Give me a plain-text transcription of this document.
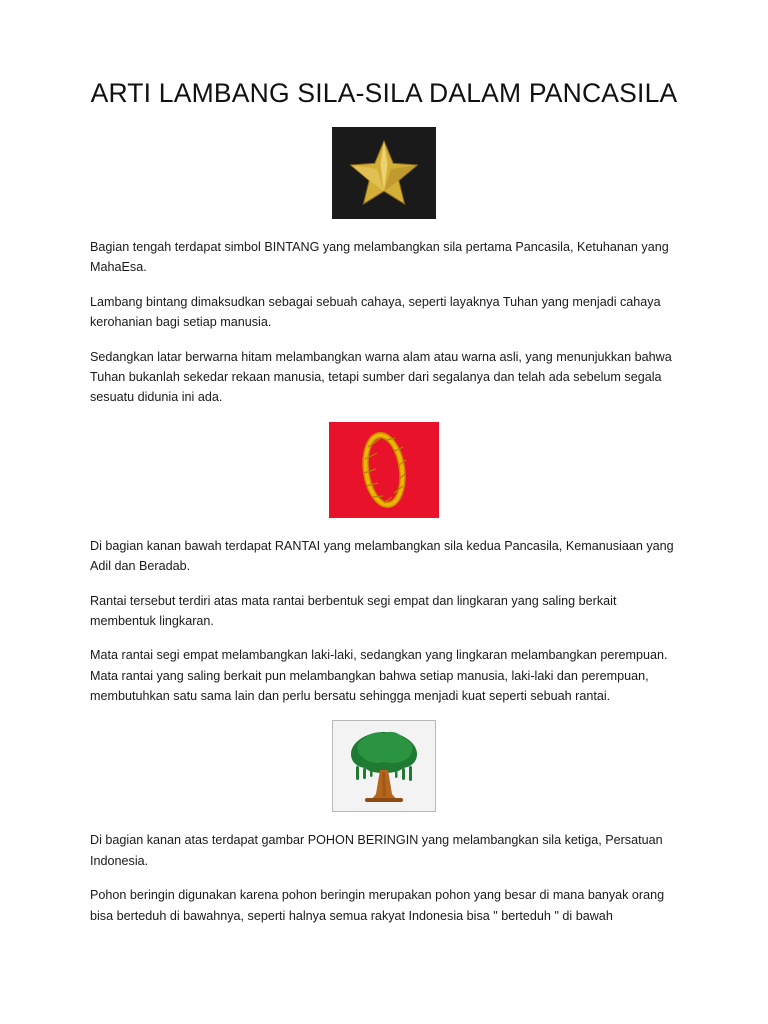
ARTI LAMBANG SILA-SILA DALAM PANCASILA

Bagian tengah terdapat simbol BINTANG yang melambangkan sila pertama Pancasila, Ketuhanan yang MahaEsa.

Lambang bintang dimaksudkan sebagai sebuah cahaya, seperti layaknya Tuhan yang menjadi cahaya kerohanian bagi setiap manusia.

Sedangkan latar berwarna hitam melambangkan warna alam atau warna asli, yang menunjukkan bahwa Tuhan bukanlah sekedar rekaan manusia, tetapi sumber dari segalanya dan telah ada sebelum segala sesuatu didunia ini ada.

Di bagian kanan bawah terdapat RANTAI yang melambangkan sila kedua Pancasila, Kemanusiaan yang Adil dan Beradab.

Rantai tersebut terdiri atas mata rantai berbentuk segi empat dan lingkaran yang saling berkait membentuk lingkaran.

Mata rantai segi empat melambangkan laki-laki, sedangkan yang lingkaran melambangkan perempuan. Mata rantai yang saling berkait pun melambangkan bahwa setiap manusia, laki-laki dan perempuan, membutuhkan satu sama lain dan perlu bersatu sehingga menjadi kuat seperti sebuah rantai.

Di bagian kanan atas terdapat gambar POHON BERINGIN yang melambangkan sila ketiga, Persatuan Indonesia.

Pohon beringin digunakan karena pohon beringin merupakan pohon yang besar di mana banyak orang bisa berteduh di bawahnya, seperti halnya semua rakyat Indonesia bisa " berteduh " di bawah
